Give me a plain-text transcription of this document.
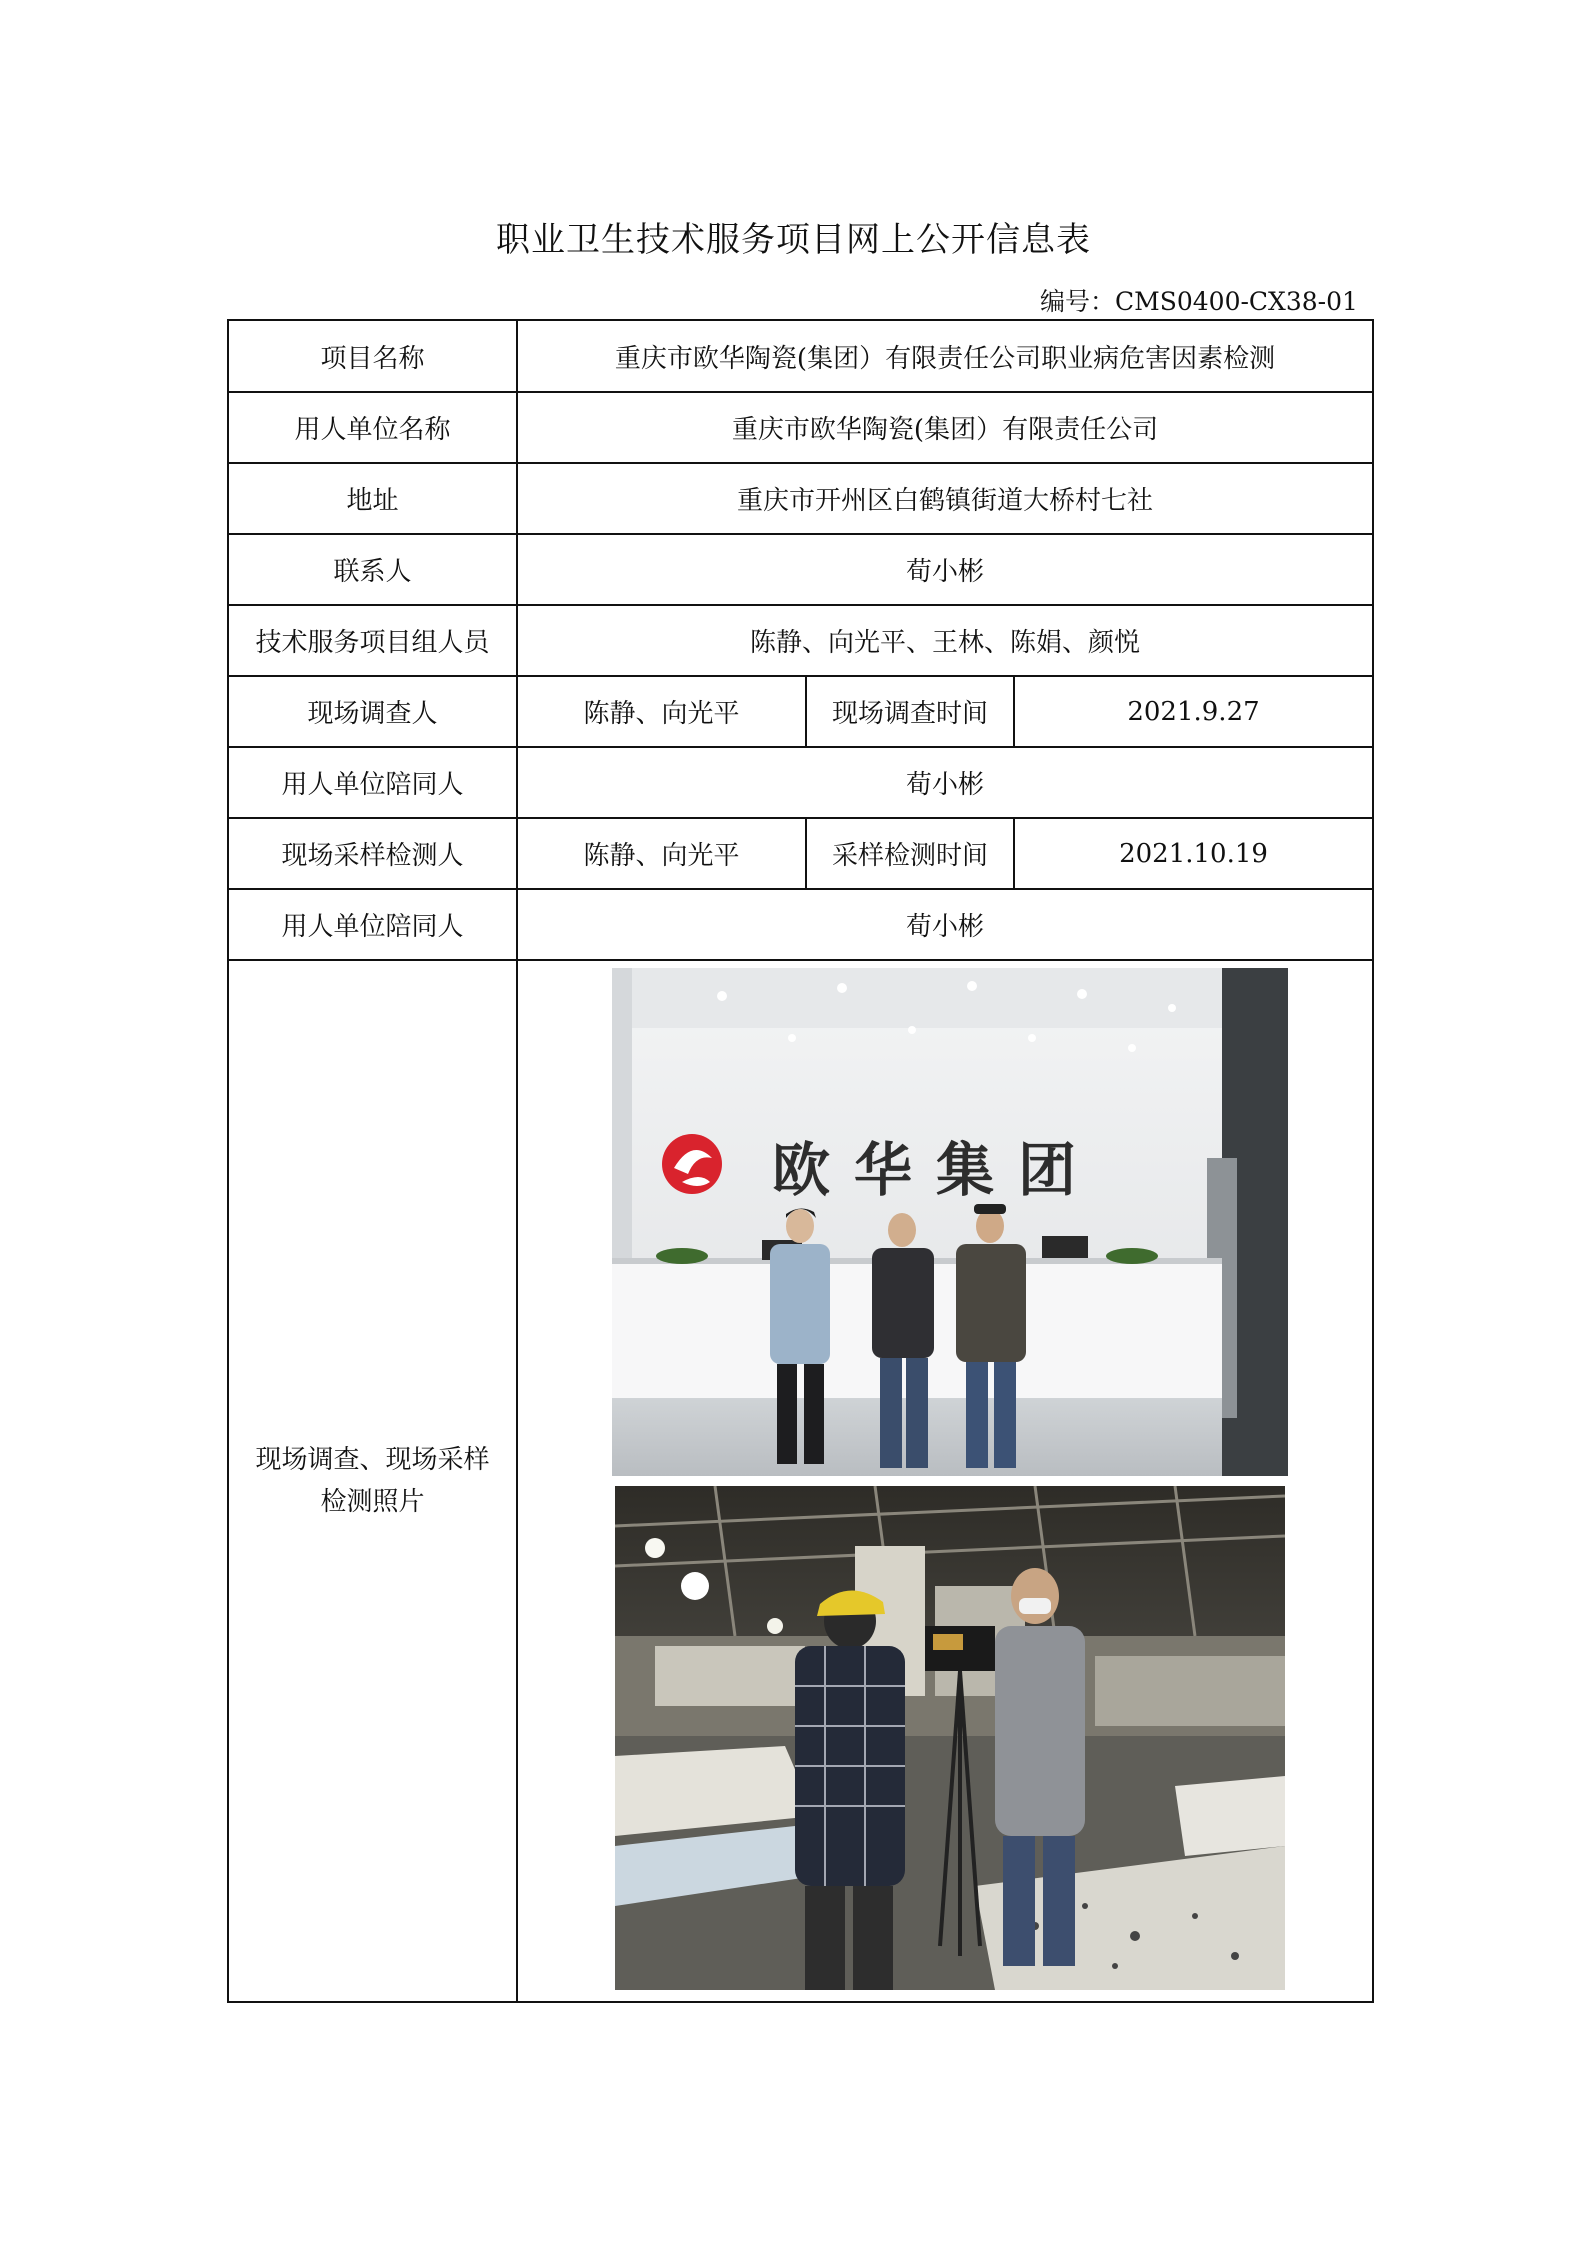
职业卫生技术服务项目网上公开信息表
编号：CMS0400-CX38-01
项目名称	重庆市欧华陶瓷(集团）有限责任公司职业病危害因素检测		
用人单位名称	重庆市欧华陶瓷(集团）有限责任公司		
地址	重庆市开州区白鹤镇街道大桥村七社		
联系人	荀小彬		
技术服务项目组人员	陈静、向光平、王林、陈娟、颜悦		
现场调查人	陈静、向光平	现场调查时间	2021.9.27
用人单位陪同人	荀小彬		
现场采样检测人	陈静、向光平	采样检测时间	2021.10.19
用人单位陪同人	荀小彬		

现场调查、现场采样
检测照片	欧华集团		
